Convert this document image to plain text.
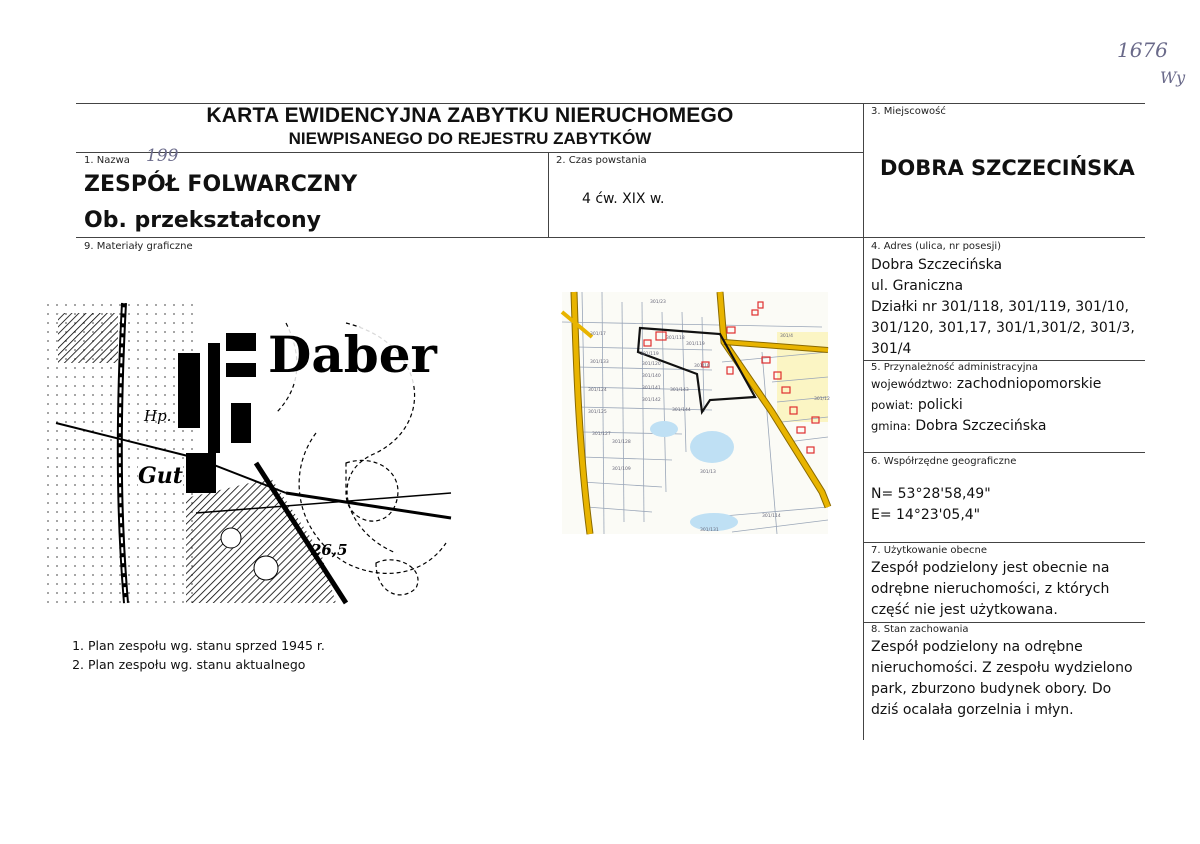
1676
Wy
KARTA EWIDENCYJNA ZABYTKU NIERUCHOMEGO
NIEWPISANEGO DO REJESTRU ZABYTKÓW
1. Nazwa 199
ZESPÓŁ FOLWARCZNY
Ob. przekształcony
2. Czas powstania
4 ćw. XIX w.
3. Miejscowość
DOBRA SZCZECIŃSKA
9. Materiały graficzne
Daber
Gut
Hp.
26,5
301/23
301/17
301/118
301/119
301/119
301/120	301/10
301/4
301/133
301/140
301/141
301/142
301/143
301/144
301/124
301/125
301/127
301/128
301/109
301/12
301/13
301/114
301/131
1. Plan zespołu wg. stanu sprzed 1945 r.
2. Plan zespołu wg. stanu aktualnego
4. Adres (ulica, nr posesji)
Dobra Szczecińska
ul. Graniczna
Działki nr 301/118, 301/119, 301/10,
301/120, 301,17, 301/1,301/2, 301/3,
301/4
5. Przynależność administracyjna
województwo: zachodniopomorskie
powiat: policki
gmina: Dobra Szczecińska
6. Współrzędne geograficzne
N= 53°28'58,49"
E= 14°23'05,4"
7. Użytkowanie obecne
Zespół podzielony jest obecnie na
odrębne nieruchomości, z których
część nie jest użytkowana.
8. Stan zachowania
Zespół podzielony na odrębne
nieruchomości. Z zespołu wydzielono
park, zburzono budynek obory. Do
dziś ocalała gorzelnia i młyn.
